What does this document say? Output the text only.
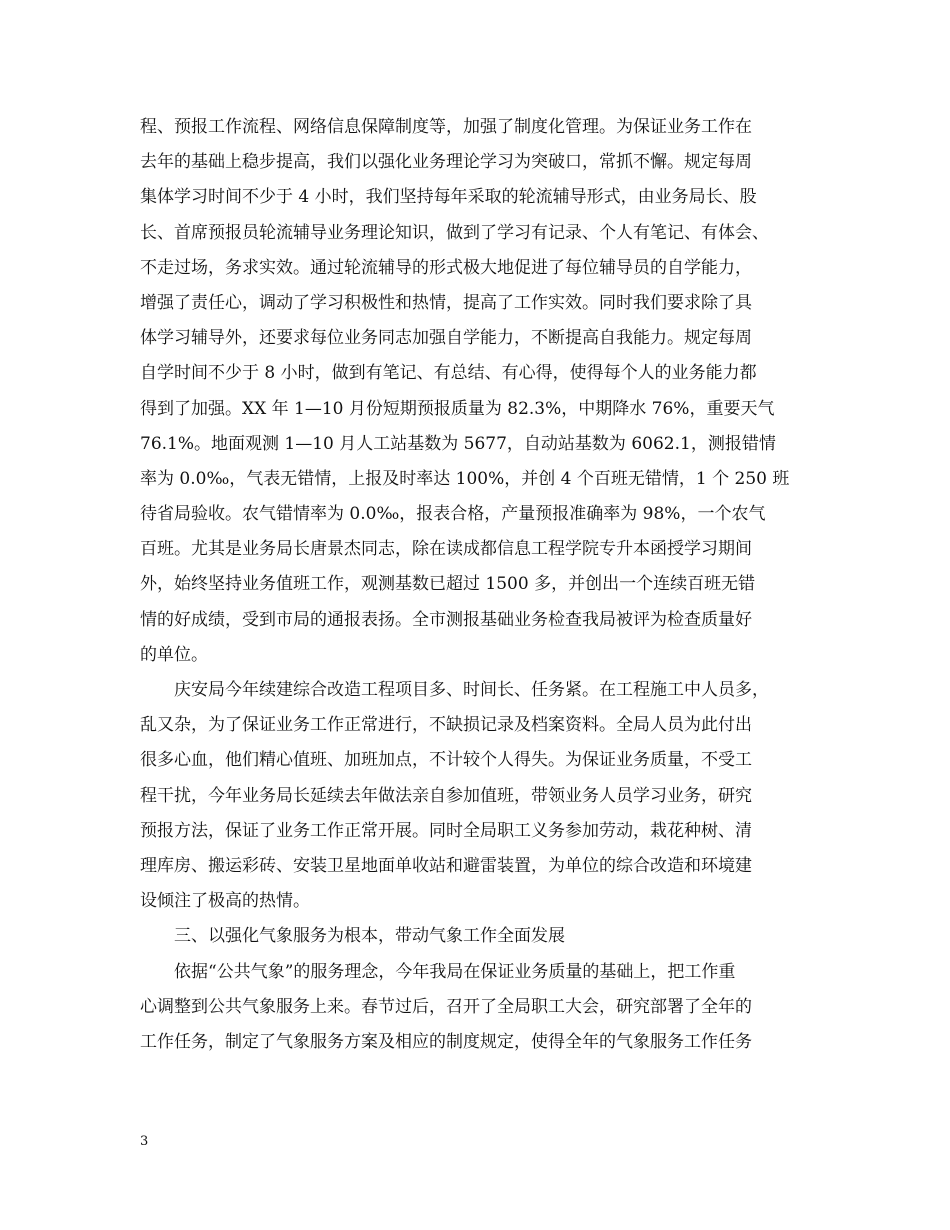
程、预报工作流程、网络信息保障制度等，加强了制度化管理。为保证业务工作在
去年的基础上稳步提高，我们以强化业务理论学习为突破口，常抓不懈。规定每周
集体学习时间不少于 4 小时，我们坚持每年采取的轮流辅导形式，由业务局长、股
长、首席预报员轮流辅导业务理论知识，做到了学习有记录、个人有笔记、有体会、
不走过场，务求实效。通过轮流辅导的形式极大地促进了每位辅导员的自学能力，
增强了责任心，调动了学习积极性和热情，提高了工作实效。同时我们要求除了具
体学习辅导外，还要求每位业务同志加强自学能力，不断提高自我能力。规定每周
自学时间不少于 8 小时，做到有笔记、有总结、有心得，使得每个人的业务能力都
得到了加强。XX 年 1—10 月份短期预报质量为 82.3%，中期降水 76%，重要天气
76.1%。地面观测 1—10 月人工站基数为 5677，自动站基数为 6062.1，测报错情
率为 0.0‰，气表无错情，上报及时率达 100%，并创 4 个百班无错情，1 个 250 班
待省局验收。农气错情率为 0.0‰，报表合格，产量预报准确率为 98%，一个农气
百班。尤其是业务局长唐景杰同志，除在读成都信息工程学院专升本函授学习期间
外，始终坚持业务值班工作，观测基数已超过 1500 多，并创出一个连续百班无错
情的好成绩，受到市局的通报表扬。全市测报基础业务检查我局被评为检查质量好
的单位。
庆安局今年续建综合改造工程项目多、时间长、任务紧。在工程施工中人员多，
乱又杂，为了保证业务工作正常进行，不缺损记录及档案资料。全局人员为此付出
很多心血，他们精心值班、加班加点，不计较个人得失。为保证业务质量，不受工
程干扰，今年业务局长延续去年做法亲自参加值班，带领业务人员学习业务，研究
预报方法，保证了业务工作正常开展。同时全局职工义务参加劳动，栽花种树、清
理库房、搬运彩砖、安装卫星地面单收站和避雷装置，为单位的综合改造和环境建
设倾注了极高的热情。
三、以强化气象服务为根本，带动气象工作全面发展
依据“公共气象”的服务理念，今年我局在保证业务质量的基础上，把工作重
心调整到公共气象服务上来。春节过后，召开了全局职工大会，研究部署了全年的
工作任务，制定了气象服务方案及相应的制度规定，使得全年的气象服务工作任务
3
